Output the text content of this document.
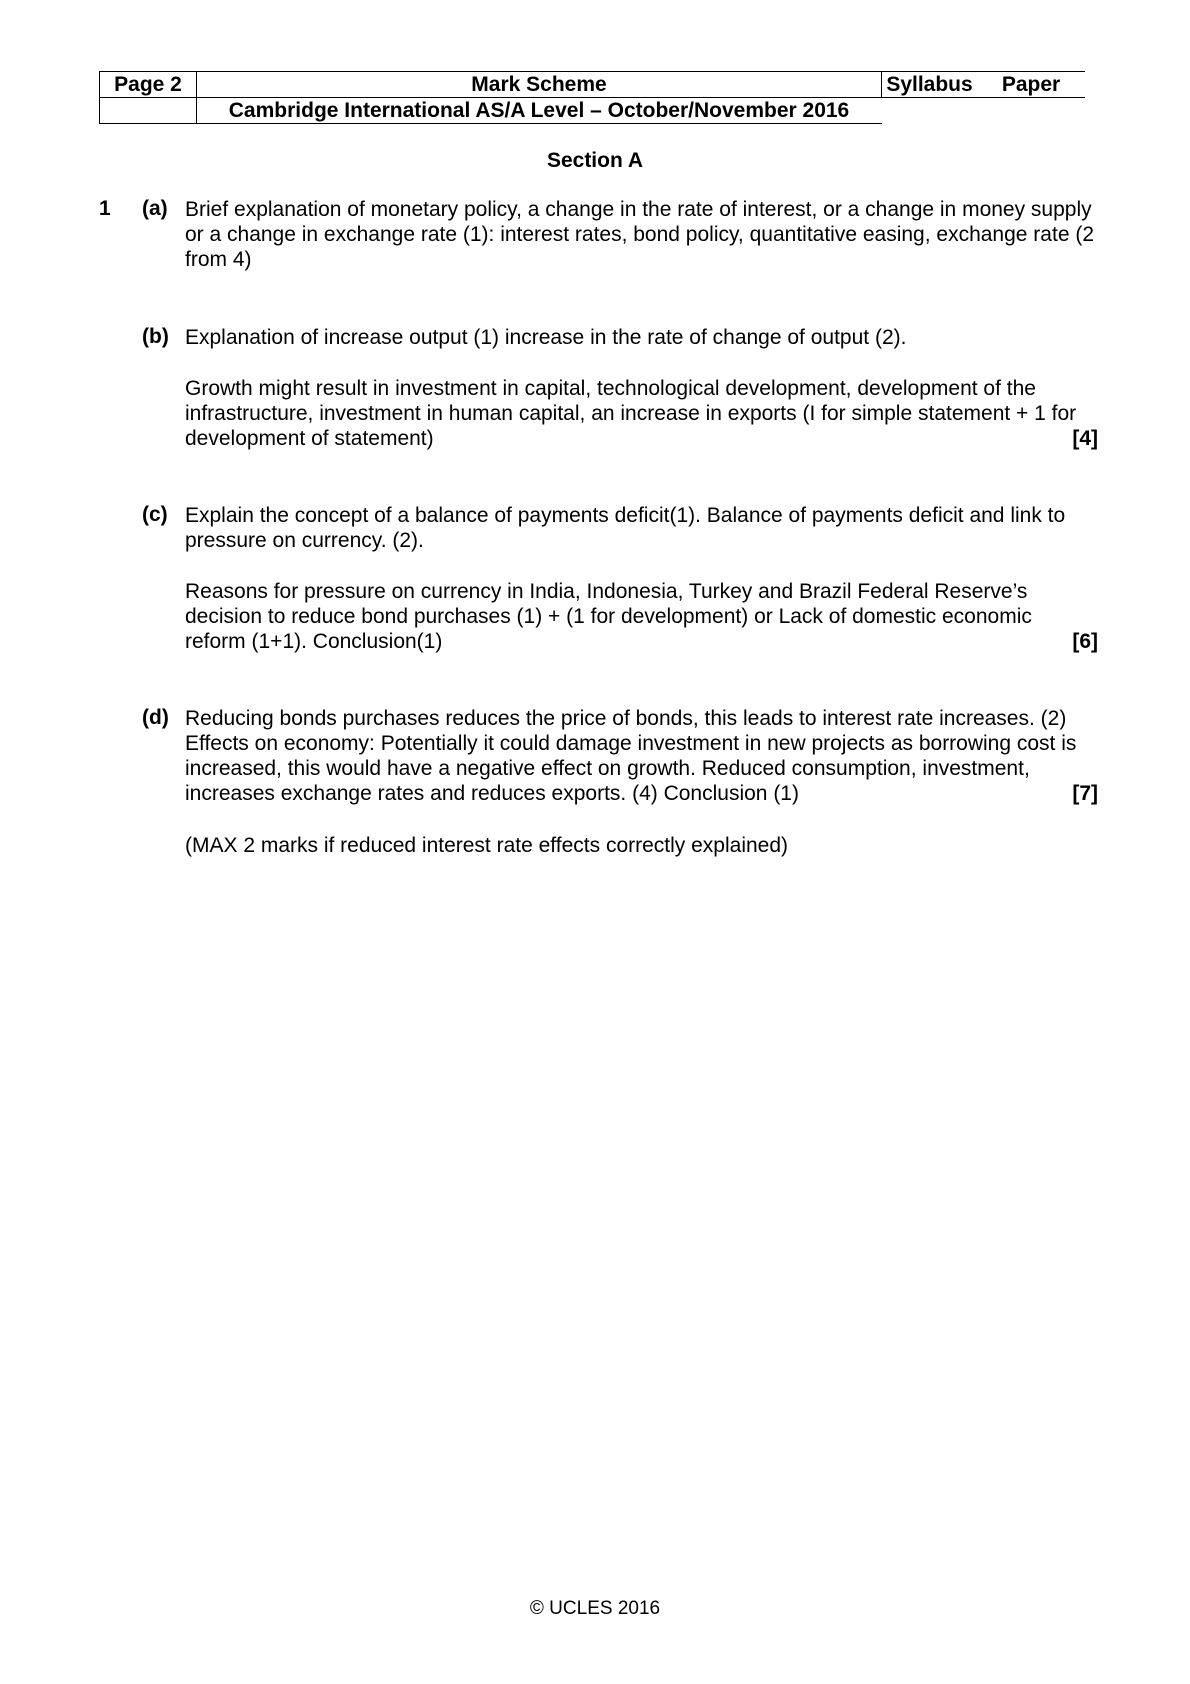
Page 2	Mark Scheme	Syllabus	Paper
	Cambridge International AS/A Level – October/November 2016		
Section A
1 (a) Brief explanation of monetary policy, a change in the rate of interest, or a change in money supply or a change in exchange rate (1): interest rates, bond policy, quantitative easing, exchange rate (2 from 4)
(b) Explanation of increase output (1) increase in the rate of change of output (2).
Growth might result in investment in capital, technological development, development of the infrastructure, investment in human capital, an increase in exports (I for simple statement + 1 for development of statement)	[4]
(c) Explain the concept of a balance of payments deficit(1). Balance of payments deficit and link to pressure on currency. (2).
Reasons for pressure on currency in India, Indonesia, Turkey and Brazil Federal Reserve’s decision to reduce bond purchases (1) + (1 for development) or Lack of domestic economic reform (1+1). Conclusion(1)	[6]
(d) Reducing bonds purchases reduces the price of bonds, this leads to interest rate increases. (2) Effects on economy: Potentially it could damage investment in new projects as borrowing cost is increased, this would have a negative effect on growth. Reduced consumption, investment, increases exchange rates and reduces exports. (4) Conclusion (1)	[7]
(MAX 2 marks if reduced interest rate effects correctly explained)
© UCLES 2016
